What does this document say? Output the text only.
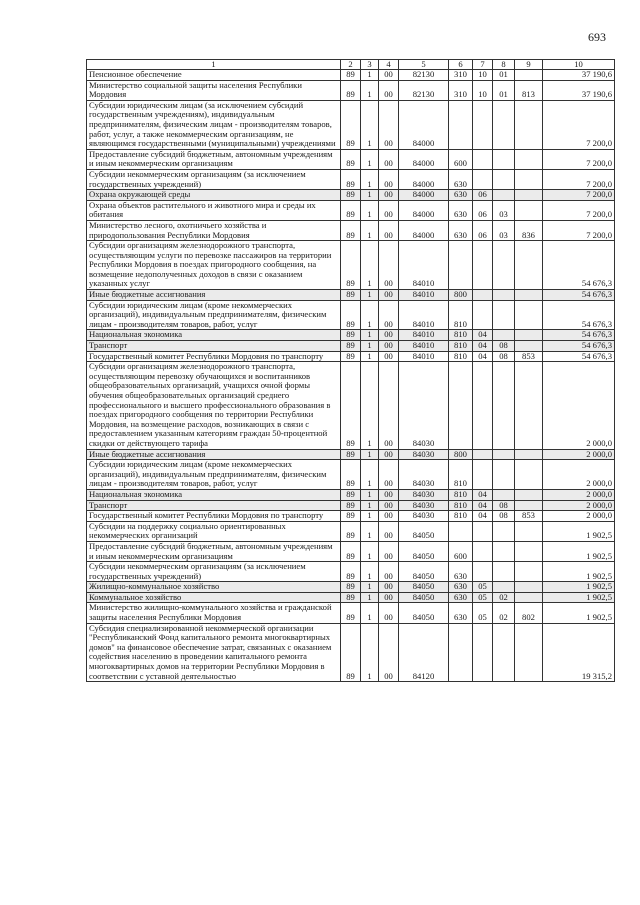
693
1	2	3	4	5	6	7	8	9	10
Пенсионное обеспечение	89	1	00	82130	310	10	01		37 190,6
Министерство социальной защиты населения Республики Мордовия	89	1	00	82130	310	10	01	813	37 190,6
Субсидии юридическим лицам (за исключением субсидий государственным учреждениям), индивидуальным предпринимателям, физическим лицам - производителям товаров, работ, услуг, а также некоммерческим организациям, не являющимся государственными (муниципальными) учреждениями	89	1	00	84000					7 200,0
Предоставление субсидий бюджетным, автономным учреждениям и иным некоммерческим организациям	89	1	00	84000	600				7 200,0
Субсидии некоммерческим организациям (за исключением государственных учреждений)	89	1	00	84000	630				7 200,0
Охрана окружающей среды	89	1	00	84000	630	06			7 200,0
Охрана объектов растительного и животного мира и среды их обитания	89	1	00	84000	630	06	03		7 200,0
Министерство лесного, охотничьего хозяйства и природопользования Республики Мордовия	89	1	00	84000	630	06	03	836	7 200,0
Субсидии организациям железнодорожного транспорта, осуществляющим услуги по перевозке пассажиров на территории Республики Мордовия в поездах пригородного сообщения, на возмещение недополученных доходов в связи с оказанием указанных услуг	89	1	00	84010					54 676,3
Иные бюджетные ассигнования	89	1	00	84010	800				54 676,3
Субсидии юридическим лицам (кроме некоммерческих организаций), индивидуальным предпринимателям, физическим лицам - производителям товаров, работ, услуг	89	1	00	84010	810				54 676,3
Национальная экономика	89	1	00	84010	810	04			54 676,3
Транспорт	89	1	00	84010	810	04	08		54 676,3
Государственный комитет Республики Мордовия по транспорту	89	1	00	84010	810	04	08	853	54 676,3
Субсидии организациям железнодорожного транспорта, осуществляющим перевозку обучающихся и воспитанников общеобразовательных организаций, учащихся очной формы обучения общеобразовательных организаций среднего профессионального и высшего профессионального образования в поездах пригородного сообщения по территории Республики Мордовия, на возмещение расходов, возникающих в связи с предоставлением указанным категориям граждан 50-процентной скидки от действующего тарифа	89	1	00	84030					2 000,0
Иные бюджетные ассигнования	89	1	00	84030	800				2 000,0
Субсидии юридическим лицам (кроме некоммерческих организаций), индивидуальным предпринимателям, физическим лицам - производителям товаров, работ, услуг	89	1	00	84030	810				2 000,0
Национальная экономика	89	1	00	84030	810	04			2 000,0
Транспорт	89	1	00	84030	810	04	08		2 000,0
Государственный комитет Республики Мордовия по транспорту	89	1	00	84030	810	04	08	853	2 000,0
Субсидии на поддержку социально ориентированных некоммерческих организаций	89	1	00	84050					1 902,5
Предоставление субсидий бюджетным, автономным учреждениям и иным некоммерческим организациям	89	1	00	84050	600				1 902,5
Субсидии некоммерческим организациям (за исключением государственных учреждений)	89	1	00	84050	630				1 902,5
Жилищно-коммунальное хозяйство	89	1	00	84050	630	05			1 902,5
Коммунальное хозяйство	89	1	00	84050	630	05	02		1 902,5
Министерство жилищно-коммунального хозяйства и гражданской защиты населения Республики Мордовия	89	1	00	84050	630	05	02	802	1 902,5
Субсидия специализированной некоммерческой организации "Республиканский Фонд капитального ремонта многоквартирных домов" на финансовое обеспечение затрат, связанных с оказанием содействия населению в проведении капитального ремонта многоквартирных домов на территории Республики Мордовия в соответствии с уставной деятельностью	89	1	00	84120					19 315,2
